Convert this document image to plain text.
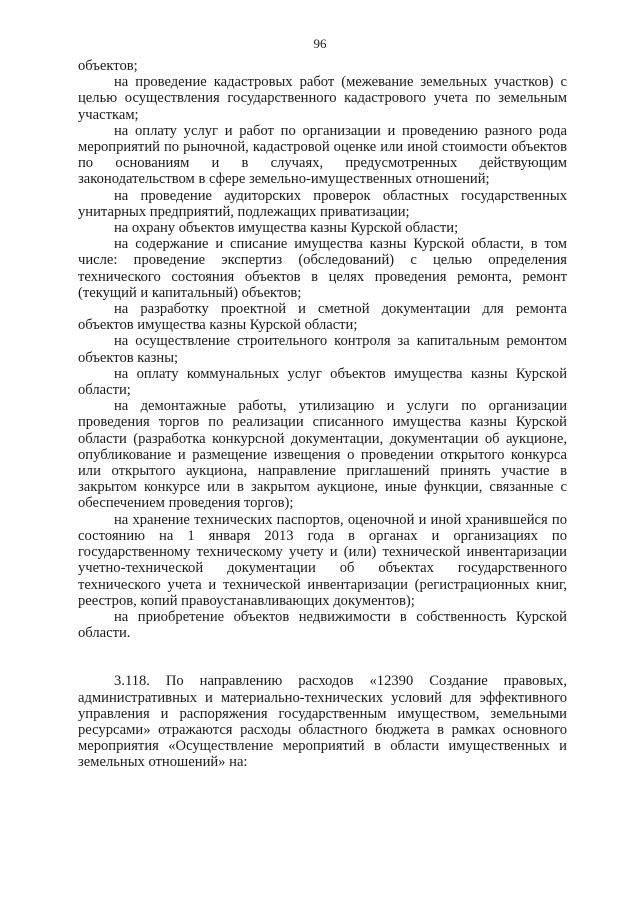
96

объектов;

на проведение кадастровых работ (межевание земельных участков) с целью осуществления государственного кадастрового учета по земельным участкам;

на оплату услуг и работ по организации и проведению разного рода мероприятий по рыночной, кадастровой оценке или иной стоимости объектов по основаниям и в случаях, предусмотренных действующим законодательством в сфере земельно-имущественных отношений;

на проведение аудиторских проверок областных государственных унитарных предприятий, подлежащих приватизации;

на охрану объектов имущества казны Курской области;

на содержание и списание имущества казны Курской области, в том числе: проведение экспертиз (обследований) с целью определения технического состояния объектов в целях проведения ремонта, ремонт (текущий и капитальный) объектов;

на разработку проектной и сметной документации для ремонта объектов имущества казны Курской области;

на осуществление строительного контроля за капитальным ремонтом объектов казны;

на оплату коммунальных услуг объектов имущества казны Курской области;

на демонтажные работы, утилизацию и услуги по организации проведения торгов по реализации списанного имущества казны Курской области (разработка конкурсной документации, документации об аукционе, опубликование и размещение извещения о проведении открытого конкурса или открытого аукциона, направление приглашений принять участие в закрытом конкурсе или в закрытом аукционе, иные функции, связанные с обеспечением проведения торгов);

на хранение технических паспортов, оценочной и иной хранившейся по состоянию на 1 января 2013 года в органах и организациях по государственному техническому учету и (или) технической инвентаризации учетно-технической документации об объектах государственного технического учета и технической инвентаризации (регистрационных книг, реестров, копий правоустанавливающих документов);

на приобретение объектов недвижимости в собственность Курской области.

3.118. По направлению расходов «12390 Создание правовых, административных и материально-технических условий для эффективного управления и распоряжения государственным имуществом, земельными ресурсами» отражаются расходы областного бюджета в рамках основного мероприятия «Осуществление мероприятий в области имущественных и земельных отношений» на:
